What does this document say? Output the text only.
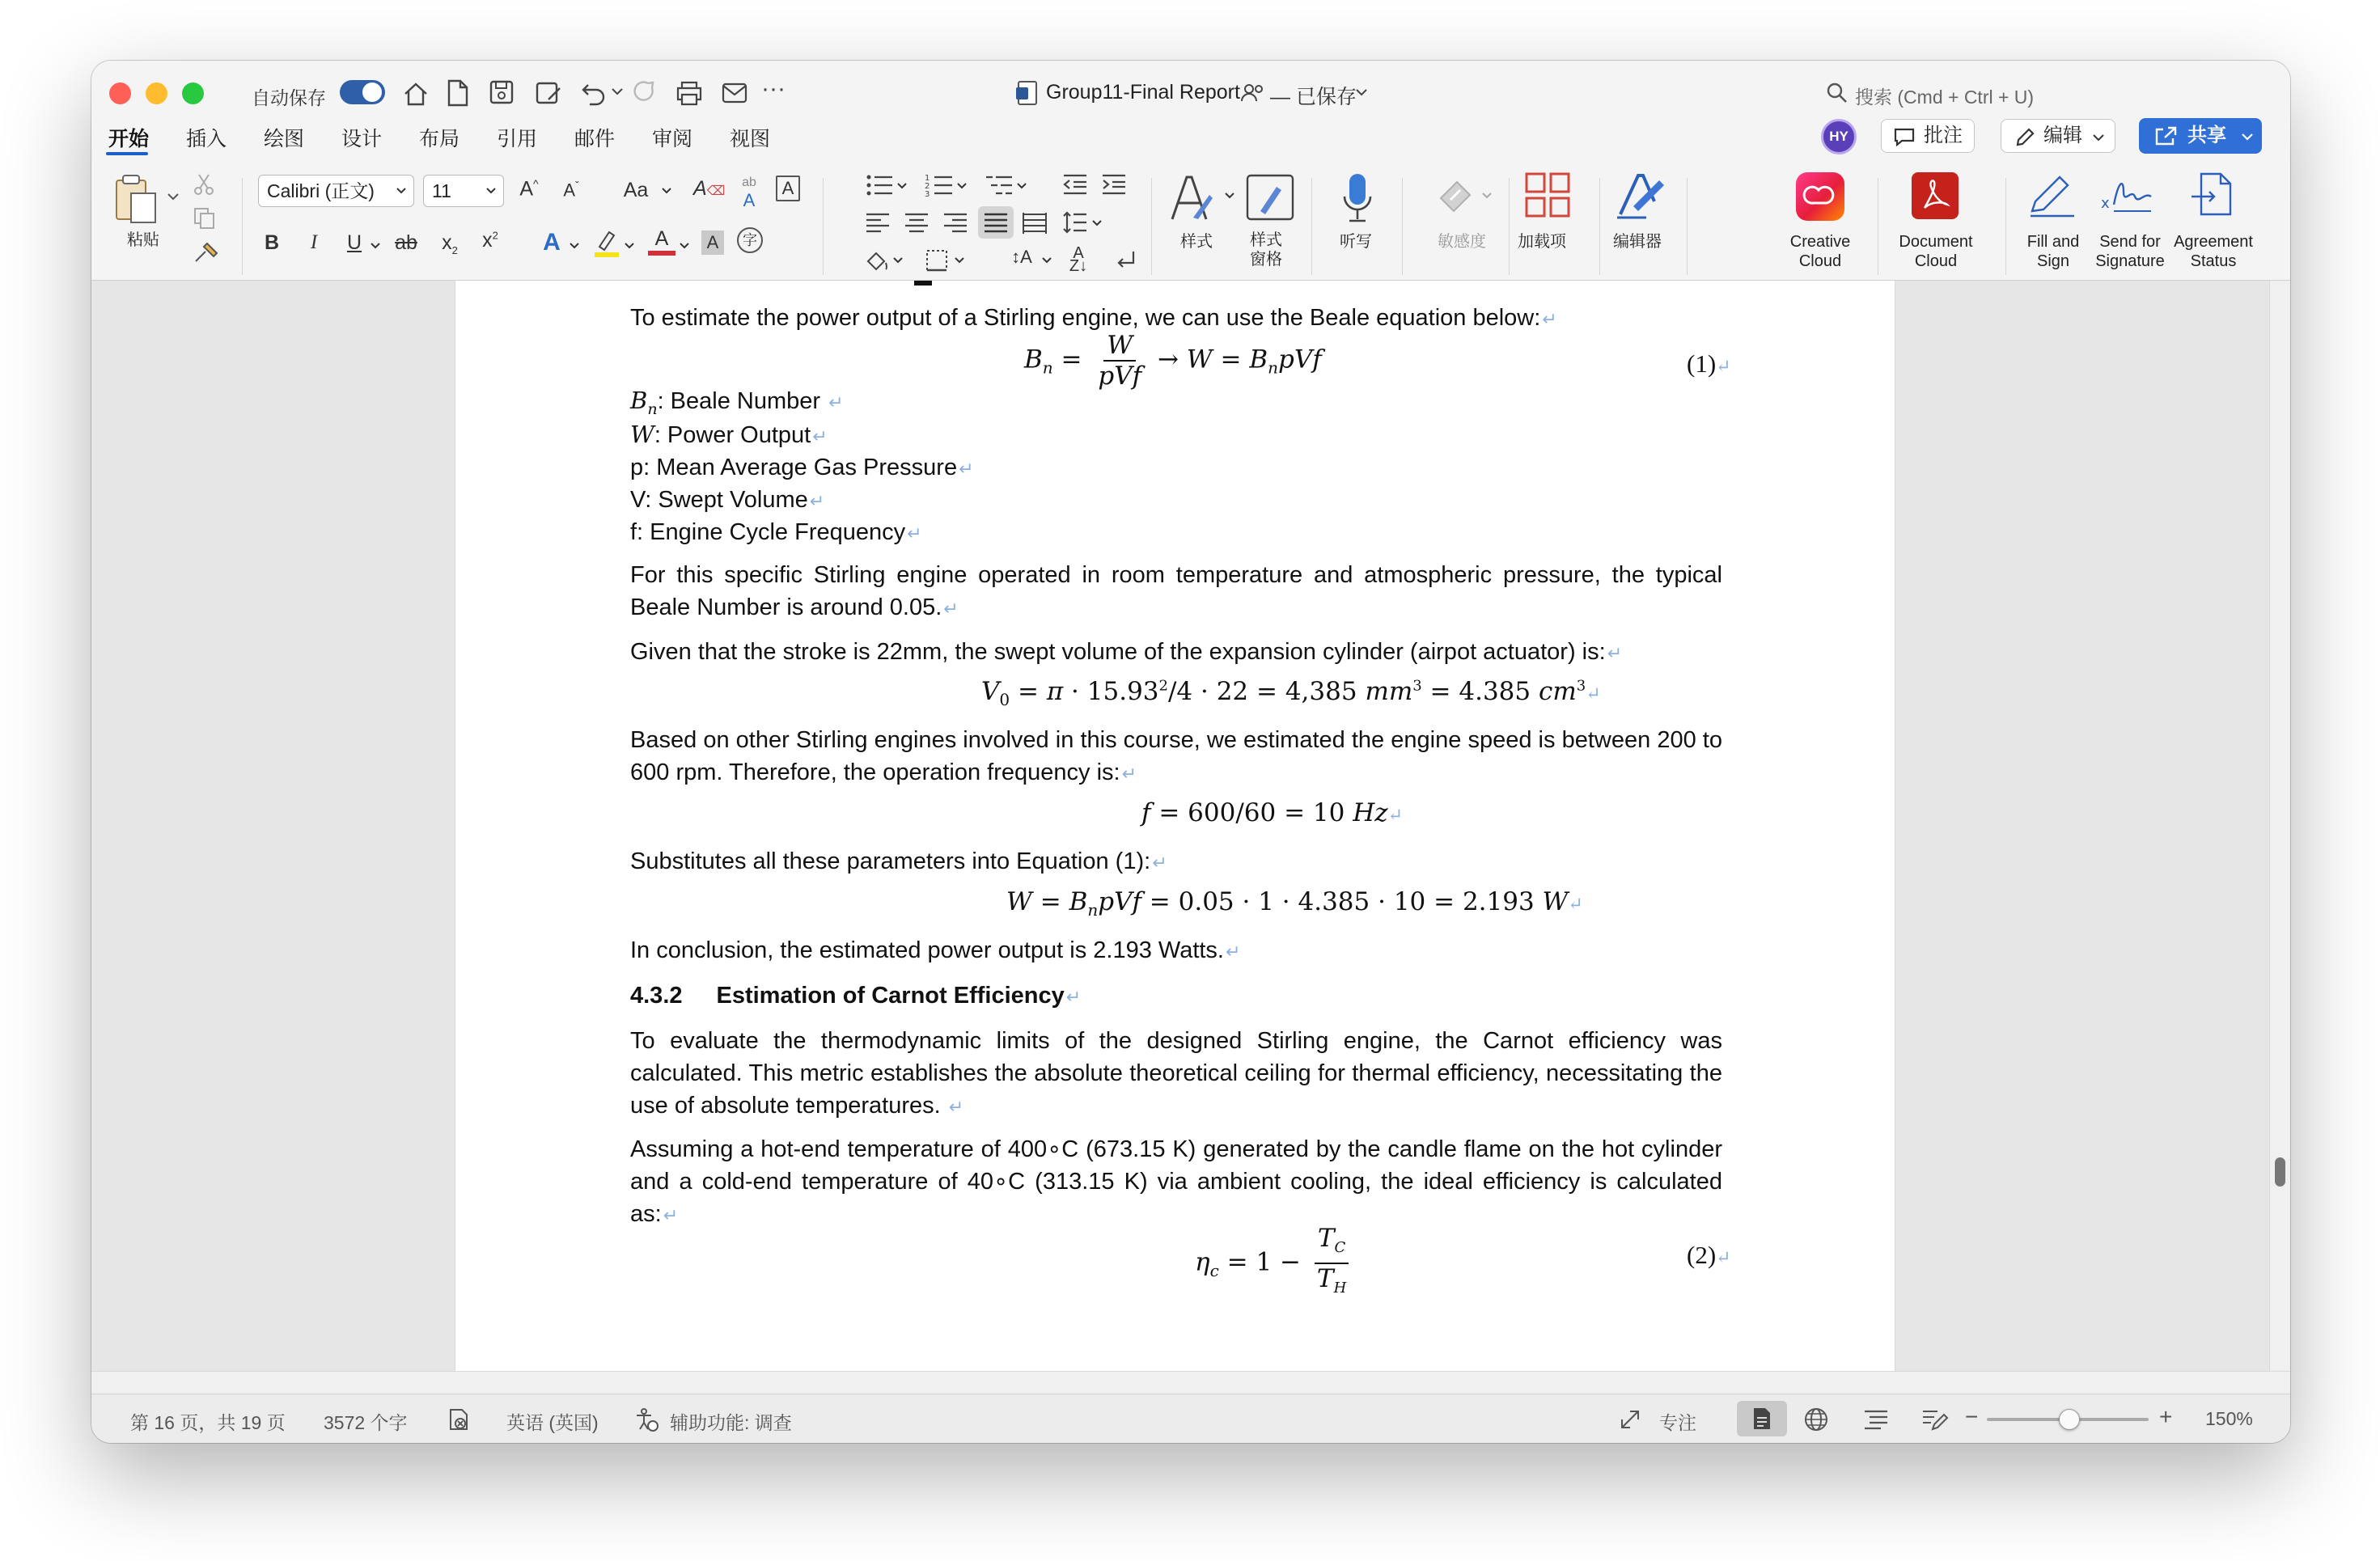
自动保存	···	Group11-Final Report — 已保存	搜索 (Cmd + Ctrl + U)
开始 插入 绘图 设计 布局 引用 邮件 审阅 视图	HY	批注	编辑	共享
粘贴
Calibri (正文)	11	A^	$A^ˇ$	Aa	A⌫
ab
A
A
B	I	U	ab $x_2$ $x^2$ A	A	A	字
1
2
3
↕A	A
Z↓
样式 样式
窗格
听写	敏感度 加载项	编辑器	Creative
Cloud
Document
Cloud
Fill and
Sign
x
Send for
Signature
Agreement
Status
To estimate the power output of a Stirling engine, we can use the Beale equation below:↵
$B_n = \frac{W}{\text{pVf}} \to W = B_npVf$	(1)↵
$B_n$: Beale Number ↵
W: Power Output↵
p: Mean Average Gas Pressure↵
V: Swept Volume↵
f: Engine Cycle Frequency↵
For this specific Stirling engine operated in room temperature and atmospheric pressure, the typical Beale Number is around 0.05.↵
Given that the stroke is 22mm, the swept volume of the expansion cylinder (airpot actuator) is:↵
$V_0 = \pi \cdot 15.93^2/4 \cdot 22 = 4,385$ $mm^3 = 4.385$ $cm^3↵$
Based on other Stirling engines involved in this course, we estimated the engine speed is between 200 to 600 rpm. Therefore, the operation frequency is:↵
f = 600/60 = 10 Hz↵
Substitutes all these parameters into Equation (1):↵
$W = B_npVf = 0.05 \cdot 1 \cdot 4.385 \cdot 10 = 2.193$ W↵
In conclusion, the estimated power output is 2.193 Watts.↵
4.3.2 Estimation of Carnot Efficiency↵
To evaluate the thermodynamic limits of the designed Stirling engine, the Carnot efficiency was calculated. This metric establishes the absolute theoretical ceiling for thermal efficiency, necessitating the use of absolute temperatures. ↵
Assuming a hot-end temperature of 400∘C (673.15 K) generated by the candle flame on the hot cylinder and a cold-end temperature of 40∘C (313.15 K) via ambient cooling, the ideal efficiency is calculated as:↵
$\eta_c = 1 - \frac{T_C}{T_H}$	(2)↵
第 16 页，共 19 页 3572 个字	英语 (英国)	辅助功能: 调查	专注	−	+ 150%
